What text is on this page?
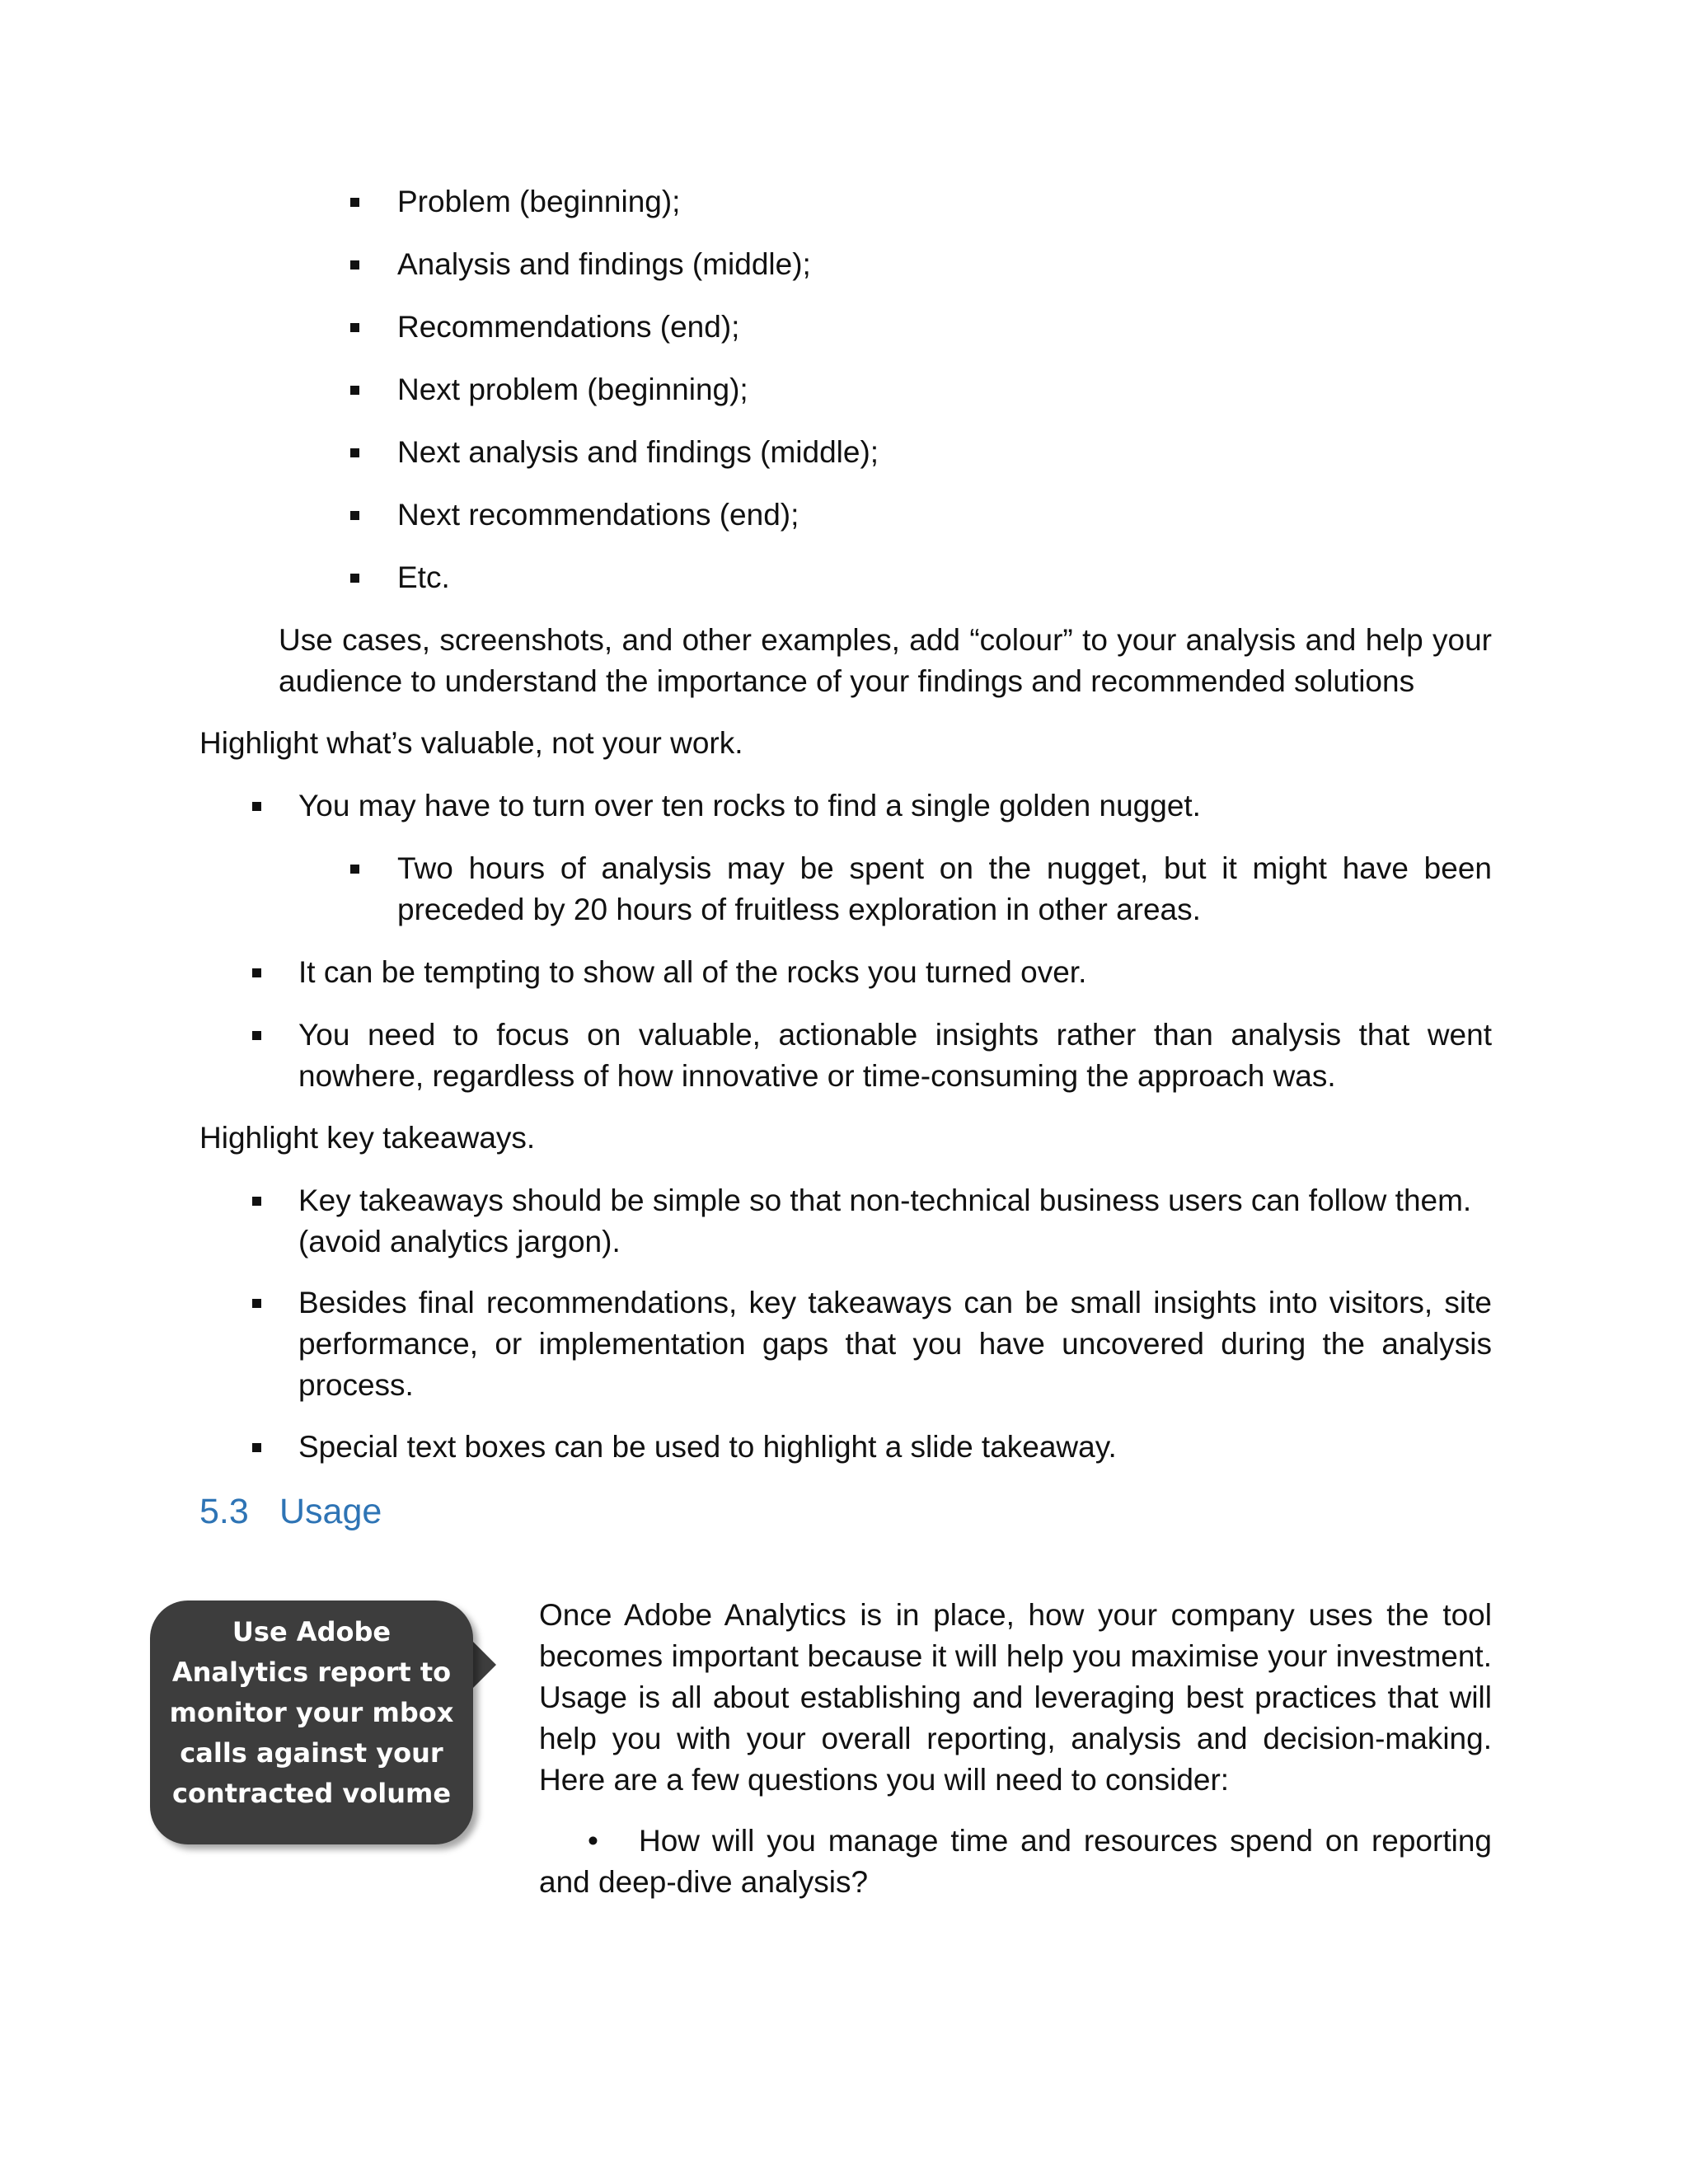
Problem (beginning);
Analysis and findings (middle);
Recommendations (end);
Next problem (beginning);
Next analysis and findings (middle);
Next recommendations (end);
Etc.
Use cases, screenshots, and other examples, add “colour” to your analysis and help your audience to understand the importance of your findings and recommended solutions
Highlight what’s valuable, not your work.
You may have to turn over ten rocks to find a single golden nugget.
Two hours of analysis may be spent on the nugget, but it might have been preceded by 20 hours of fruitless exploration in other areas.
It can be tempting to show all of the rocks you turned over.
You need to focus on valuable, actionable insights rather than analysis that went nowhere, regardless of how innovative or time-consuming the approach was.
Highlight key takeaways.
Key takeaways should be simple so that non-technical business users can follow them.
(avoid analytics jargon).
Besides final recommendations, key takeaways can be small insights into visitors, site performance, or implementation gaps that you have uncovered during the analysis process.
Special text boxes can be used to highlight a slide takeaway.
5.3 Usage
Use Adobe
Analytics report to
monitor your mbox
calls against your
contracted volume
Once Adobe Analytics is in place, how your company uses the tool becomes important because it will help you maximise your investment. Usage is all about establishing and leveraging best practices that will help you with your overall reporting, analysis and decision-making. Here are a few questions you will need to consider:
•	How will you manage time and resources spend on reporting and deep-dive analysis?
